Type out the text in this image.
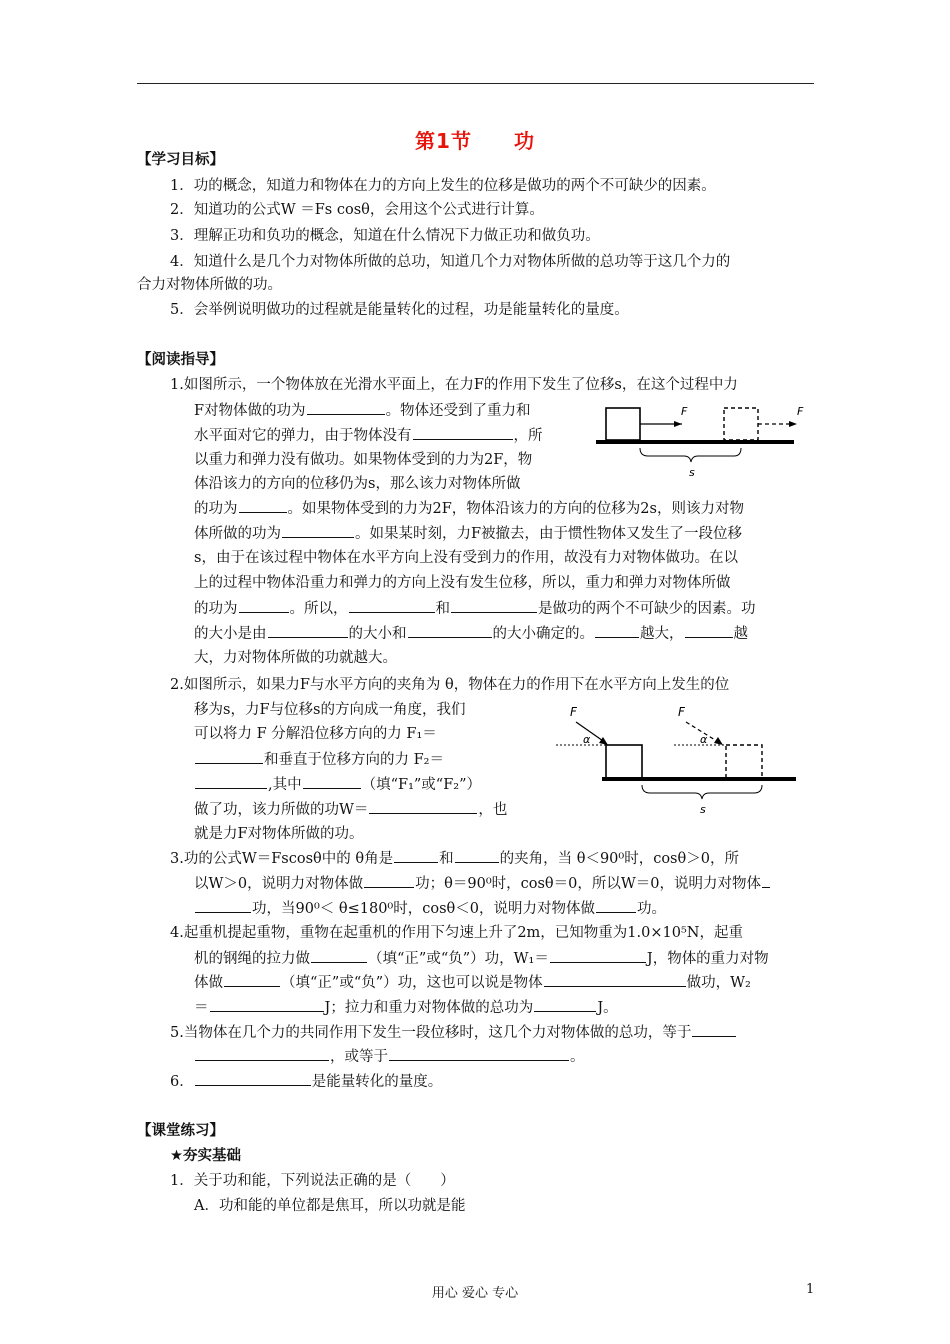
第1节　　功
【学习目标】
1．功的概念，知道力和物体在力的方向上发生的位移是做功的两个不可缺少的因素。
2．知道功的公式W ＝Fs cosθ，会用这个公式进行计算。
3．理解正功和负功的概念，知道在什么情况下力做正功和做负功。
4．知道什么是几个力对物体所做的总功，知道几个力对物体所做的总功等于这几个力的
合力对物体所做的功。
5．会举例说明做功的过程就是能量转化的过程，功是能量转化的量度。
【阅读指导】
1.如图所示，一个物体放在光滑水平面上，在力F的作用下发生了位移s，在这个过程中力
F对物体做的功为	。物体还受到了重力和
水平面对它的弹力，由于物体没有	，所
以重力和弹力没有做功。如果物体受到的力为2F，物
体沿该力的方向的位移仍为s，那么该力对物体所做
的功为	。如果物体受到的力为2F，物体沿该力的方向的位移为2s，则该力对物
体所做的功为	。如果某时刻，力F被撤去，由于惯性物体又发生了一段位移
s，由于在该过程中物体在水平方向上没有受到力的作用，故没有力对物体做功。在以
上的过程中物体沿重力和弹力的方向上没有发生位移，所以，重力和弹力对物体所做
的功为	。所以，	和	是做功的两个不可缺少的因素。功
的大小是由	的大小和	的大小确定的。	越大，	越
大，力对物体所做的功就越大。
F	F
s
2.如图所示，如果力F与水平方向的夹角为 θ，物体在力的作用下在水平方向上发生的位
移为s，力F与位移s的方向成一角度，我们
可以将力 F 分解沿位移方向的力 F₁＝
和垂直于位移方向的力 F₂＝
,其中	（填“F₁”或“F₂”）
做了功，该力所做的功W＝	，也
就是力F对物体所做的功。
F
α
F
α
s
3.功的公式W＝Fscosθ中的 θ角是	和	的夹角，当 θ＜90⁰时，cosθ＞0，所
以W＞0，说明力对物体做	功；θ＝90⁰时，cosθ＝0，所以W＝0，说明力对物体
功，当90⁰＜ θ≤180⁰时，cosθ＜0，说明力对物体做	功。
4.起重机提起重物，重物在起重机的作用下匀速上升了2m，已知物重为1.0×10⁵N，起重
机的钢绳的拉力做	（填“正”或“负”）功，W₁＝	J，物体的重力对物
体做	（填“正”或“负”）功，这也可以说是物体	做功，W₂
＝	J；拉力和重力对物体做的总功为	J。
5.当物体在几个力的共同作用下发生一段位移时，这几个力对物体做的总功，等于
，或等于	。
6．	是能量转化的量度。
【课堂练习】
★夯实基础
1．关于功和能，下列说法正确的是（　　）
A．功和能的单位都是焦耳，所以功就是能
用心 爱心 专心	1
